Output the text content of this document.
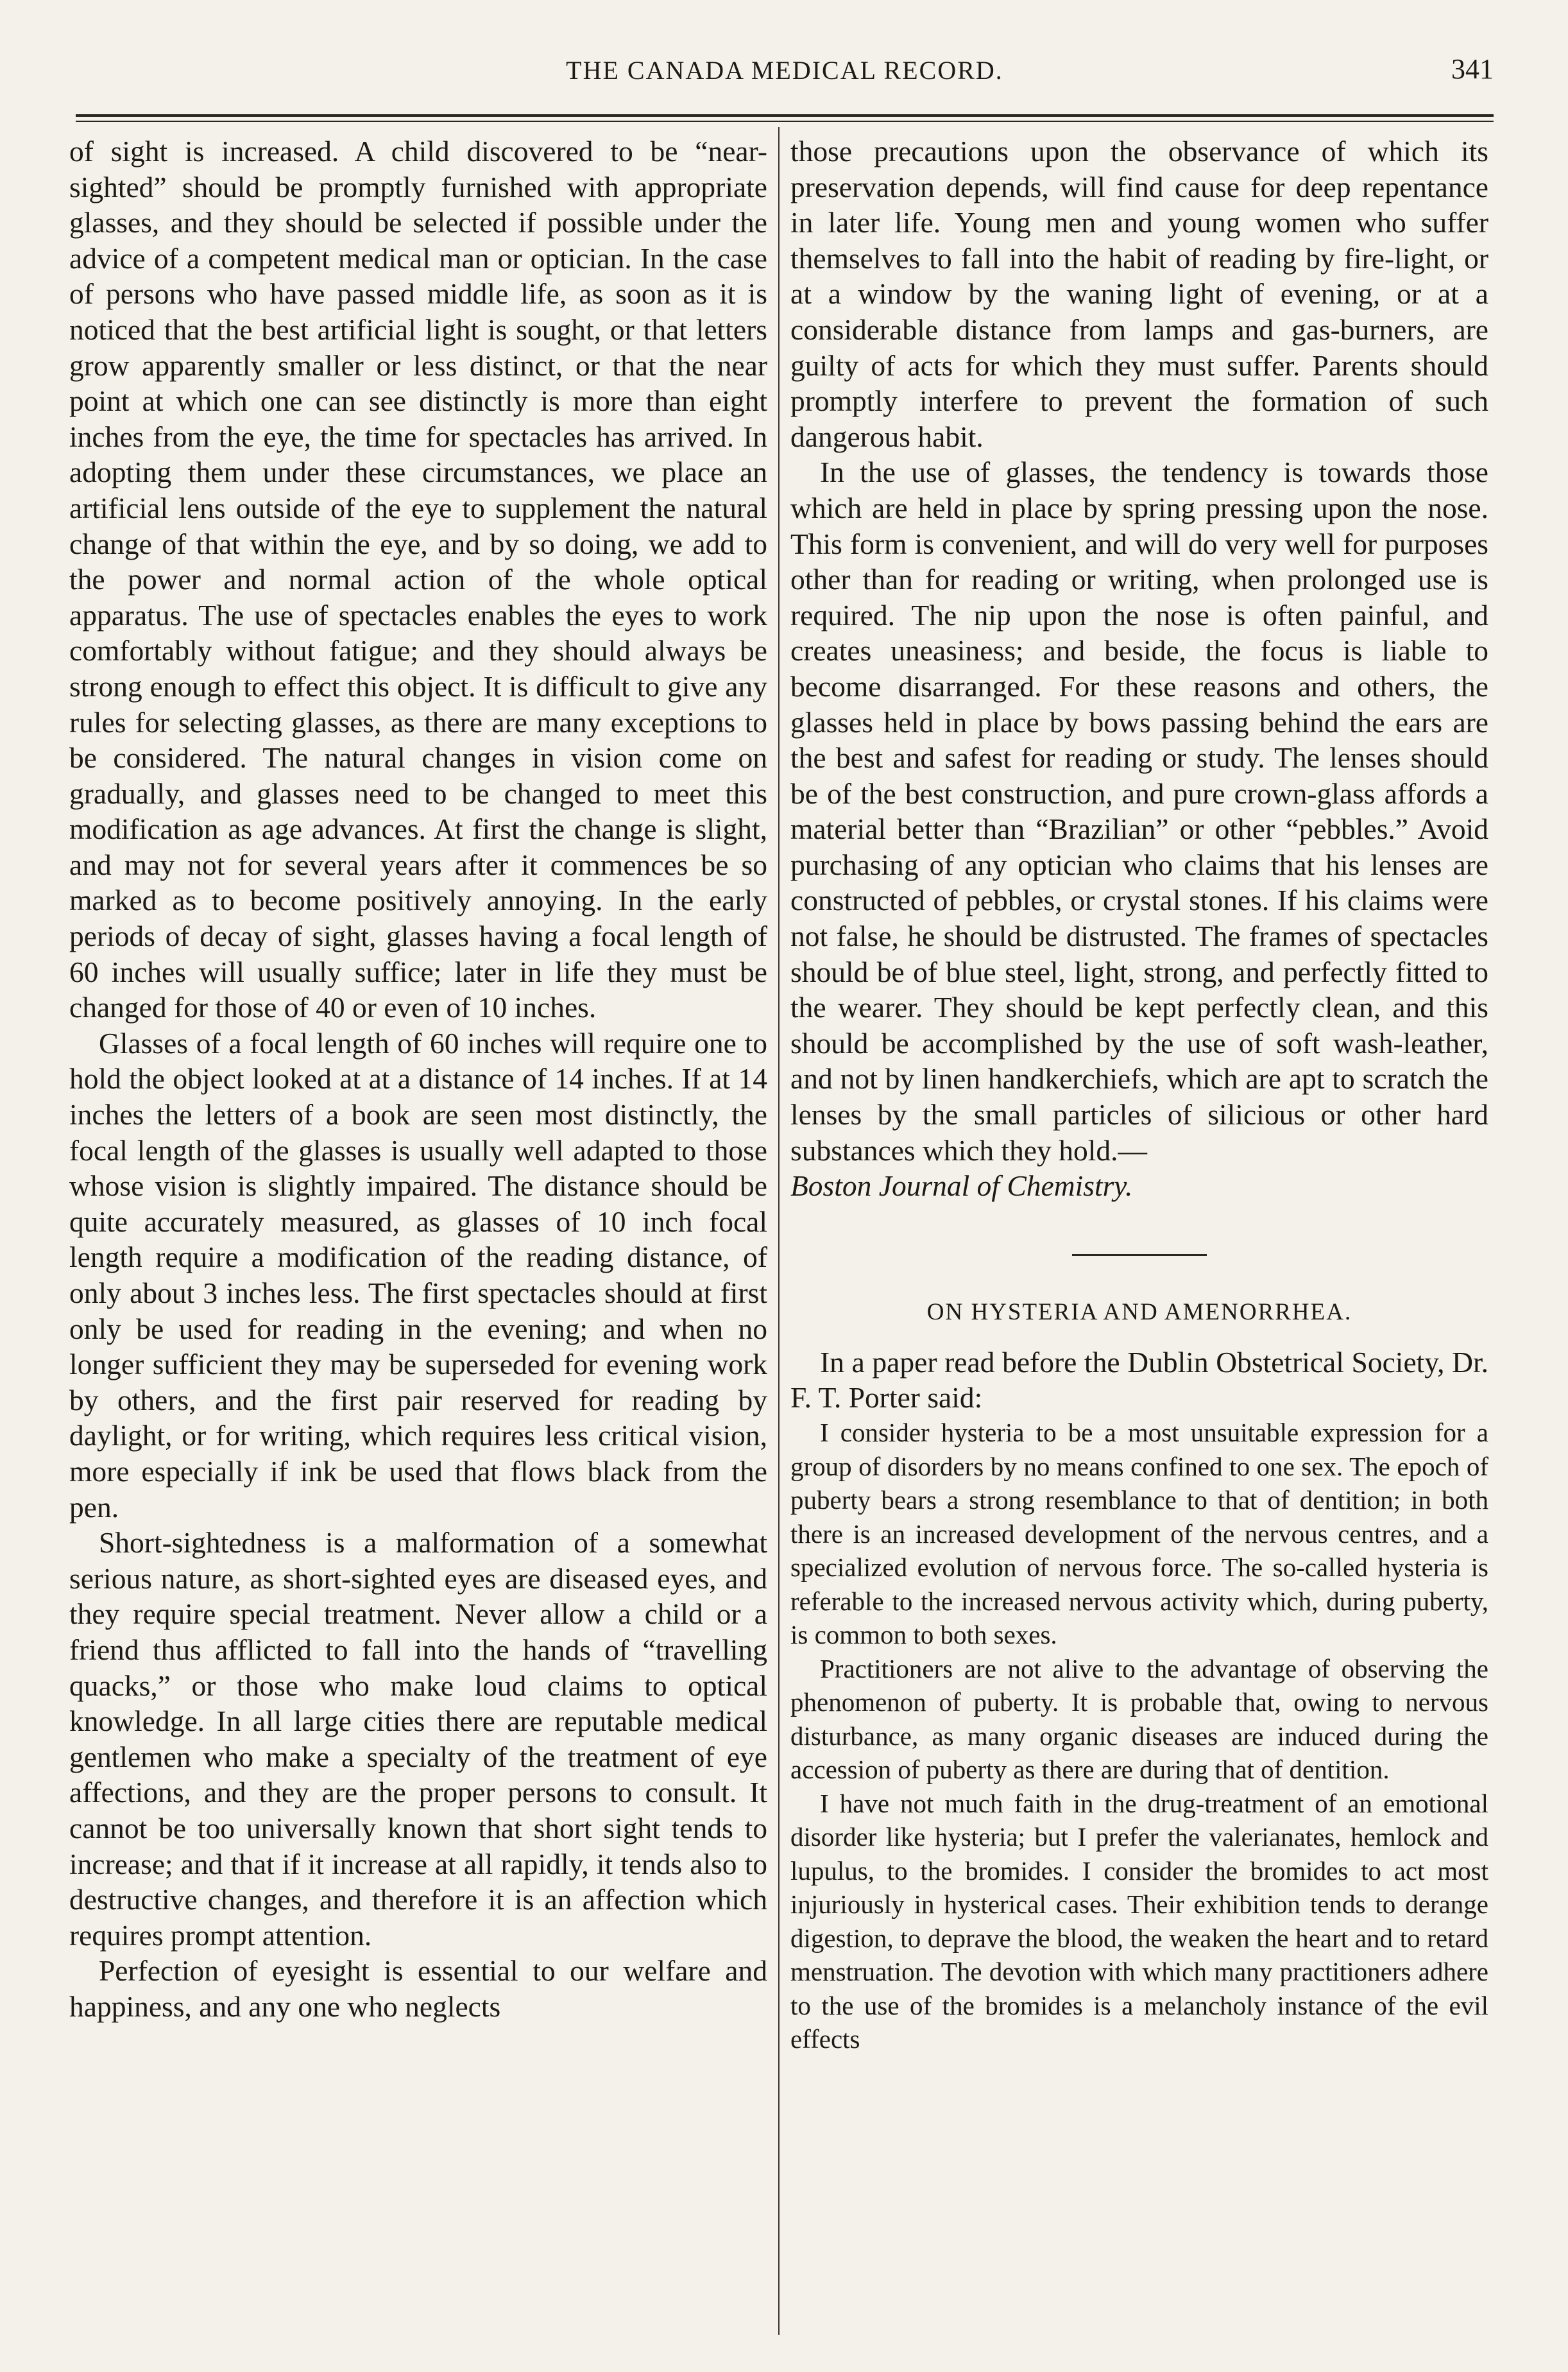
THE CANADA MEDICAL RECORD.	341

of sight is increased. A child discovered to be “near-sighted” should be promptly furnished with appropriate glasses, and they should be selected if possible under the advice of a competent medical man or optician. In the case of persons who have passed middle life, as soon as it is noticed that the best artificial light is sought, or that letters grow apparently smaller or less distinct, or that the near point at which one can see distinctly is more than eight inches from the eye, the time for spectacles has arrived. In adopting them under these circumstances, we place an artificial lens outside of the eye to supplement the natural change of that within the eye, and by so doing, we add to the power and normal action of the whole optical apparatus. The use of spectacles enables the eyes to work comfortably without fatigue; and they should always be strong enough to effect this object. It is difficult to give any rules for selecting glasses, as there are many exceptions to be considered. The natural changes in vision come on gradually, and glasses need to be changed to meet this modification as age advances. At first the change is slight, and may not for several years after it commences be so marked as to become positively annoying. In the early periods of decay of sight, glasses having a focal length of 60 inches will usually suffice; later in life they must be changed for those of 40 or even of 10 inches.

Glasses of a focal length of 60 inches will require one to hold the object looked at at a distance of 14 inches. If at 14 inches the letters of a book are seen most distinctly, the focal length of the glasses is usually well adapted to those whose vision is slightly impaired. The distance should be quite accurately measured, as glasses of 10 inch focal length require a modification of the reading distance, of only about 3 inches less. The first spectacles should at first only be used for reading in the evening; and when no longer sufficient they may be superseded for evening work by others, and the first pair reserved for reading by daylight, or for writing, which requires less critical vision, more especially if ink be used that flows black from the pen.

Short-sightedness is a malformation of a somewhat serious nature, as short-sighted eyes are diseased eyes, and they require special treatment. Never allow a child or a friend thus afflicted to fall into the hands of “travelling quacks,” or those who make loud claims to optical knowledge. In all large cities there are reputable medical gentlemen who make a specialty of the treatment of eye affections, and they are the proper persons to consult. It cannot be too universally known that short sight tends to increase; and that if it increase at all rapidly, it tends also to destructive changes, and therefore it is an affection which requires prompt attention.

Perfection of eyesight is essential to our welfare and happiness, and any one who neglects

those precautions upon the observance of which its preservation depends, will find cause for deep repentance in later life. Young men and young women who suffer themselves to fall into the habit of reading by fire-light, or at a window by the waning light of evening, or at a considerable distance from lamps and gas-burners, are guilty of acts for which they must suffer. Parents should promptly interfere to prevent the formation of such dangerous habit.

In the use of glasses, the tendency is towards those which are held in place by spring pressing upon the nose. This form is convenient, and will do very well for purposes other than for reading or writing, when prolonged use is required. The nip upon the nose is often painful, and creates uneasiness; and beside, the focus is liable to become disarranged. For these reasons and others, the glasses held in place by bows passing behind the ears are the best and safest for reading or study. The lenses should be of the best construction, and pure crown-glass affords a material better than “Brazilian” or other “pebbles.” Avoid purchasing of any optician who claims that his lenses are constructed of pebbles, or crystal stones. If his claims were not false, he should be distrusted. The frames of spectacles should be of blue steel, light, strong, and perfectly fitted to the wearer. They should be kept perfectly clean, and this should be accomplished by the use of soft wash-leather, and not by linen handkerchiefs, which are apt to scratch the lenses by the small particles of silicious or other hard substances which they hold.—

Boston Journal of Chemistry.

ON HYSTERIA AND AMENORRHEA.

In a paper read before the Dublin Obstetrical Society, Dr. F. T. Porter said:

I consider hysteria to be a most unsuitable expression for a group of disorders by no means confined to one sex. The epoch of puberty bears a strong resemblance to that of dentition; in both there is an increased development of the nervous centres, and a specialized evolution of nervous force. The so-called hysteria is referable to the increased nervous activity which, during puberty, is common to both sexes.

Practitioners are not alive to the advantage of observing the phenomenon of puberty. It is probable that, owing to nervous disturbance, as many organic diseases are induced during the accession of puberty as there are during that of dentition.

I have not much faith in the drug-treatment of an emotional disorder like hysteria; but I prefer the valerianates, hemlock and lupulus, to the bromides. I consider the bromides to act most injuriously in hysterical cases. Their exhibition tends to derange digestion, to deprave the blood, the weaken the heart and to retard menstruation. The devotion with which many practitioners adhere to the use of the bromides is a melancholy instance of the evil effects
